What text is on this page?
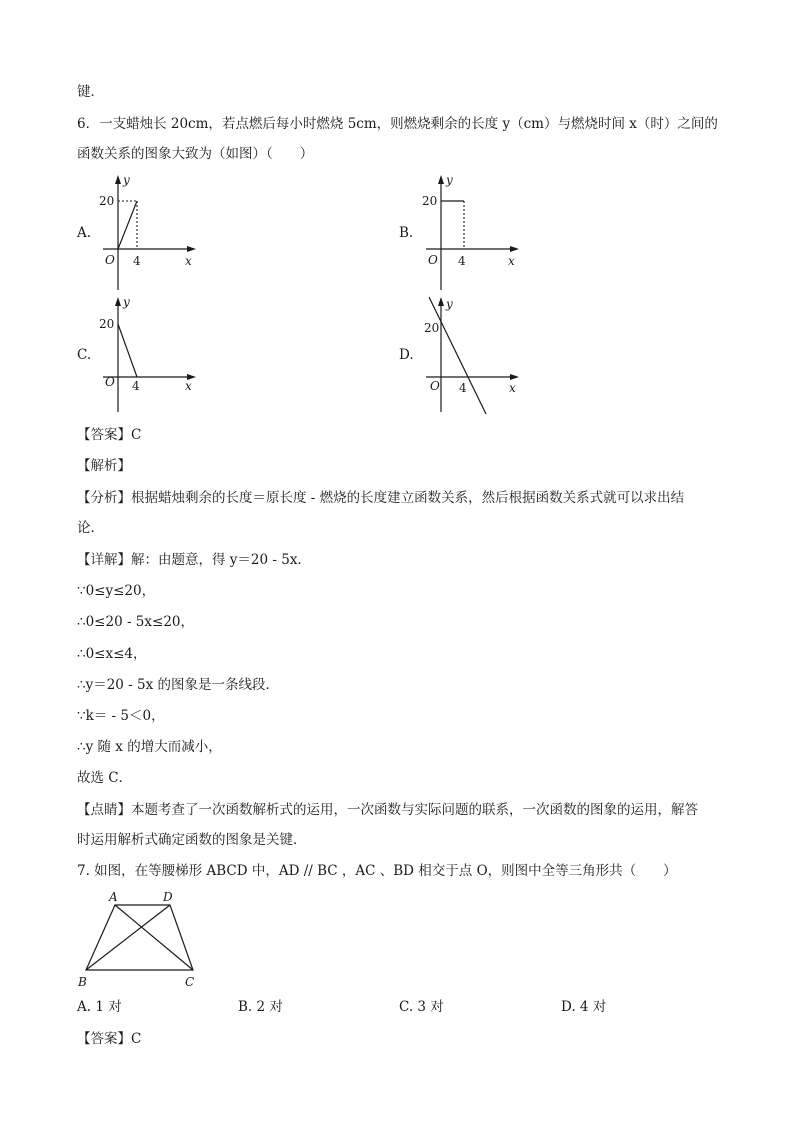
键．
6．一支蜡烛长 20cm，若点燃后每小时燃烧 5cm，则燃烧剩余的长度 y（cm）与燃烧时间 x（时）之间的
函数关系的图象大致为（如图）（　　）
A.	B.
C.	D.
y
20
O 4	x
y
20
O 4	x
y
20
O 4	x
y
20
O 4	x
【答案】C
【解析】
【分析】根据蜡烛剩余的长度＝原长度 - 燃烧的长度建立函数关系，然后根据函数关系式就可以求出结
论．
【详解】解：由题意，得 y＝20 - 5x．
∵0≤y≤20，
∴0≤20 - 5x≤20，
∴0≤x≤4，
∴y＝20 - 5x 的图象是一条线段．
∵k＝ - 5＜0，
∴y 随 x 的增大而减小，
故选 C．
【点睛】本题考查了一次函数解析式的运用，一次函数与实际问题的联系，一次函数的图象的运用，解答
时运用解析式确定函数的图象是关键．
7. 如图，在等腰梯形 ABCD 中，AD // BC ，AC 、BD 相交于点 O，则图中全等三角形共（　　）
A	D
B	C
A. 1 对	B. 2 对	C. 3 对	D. 4 对
【答案】C
